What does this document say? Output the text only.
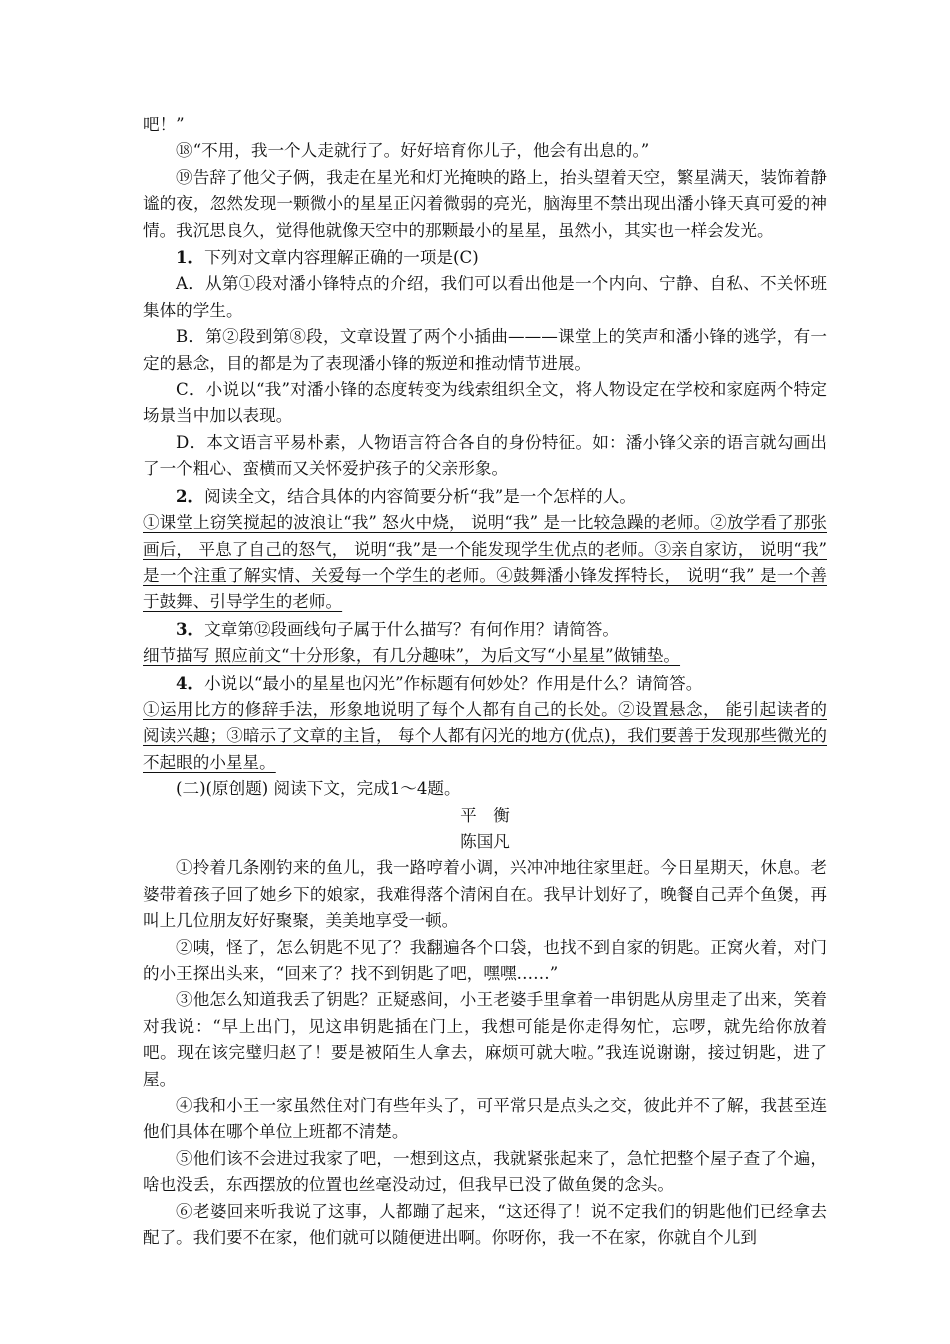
吧！”

⑱“不用，我一个人走就行了。好好培育你儿子，他会有出息的。”

⑲告辞了他父子俩，我走在星光和灯光掩映的路上，抬头望着天空，繁星满天，装饰着静谧的夜，忽然发现一颗微小的星星正闪着微弱的亮光，脑海里不禁出现出潘小锋天真可爱的神情。我沉思良久，觉得他就像天空中的那颗最小的星星，虽然小，其实也一样会发光。

1．下列对文章内容理解正确的一项是(C)

A．从第①段对潘小锋特点的介绍，我们可以看出他是一个内向、宁静、自私、不关怀班集体的学生。

B．第②段到第⑧段，文章设置了两个小插曲———课堂上的笑声和潘小锋的逃学，有一定的悬念，目的都是为了表现潘小锋的叛逆和推动情节进展。

C．小说以“我”对潘小锋的态度转变为线索组织全文，将人物设定在学校和家庭两个特定场景当中加以表现。

D．本文语言平易朴素，人物语言符合各自的身份特征。如：潘小锋父亲的语言就勾画出了一个粗心、蛮横而又关怀爱护孩子的父亲形象。

2．阅读全文，结合具体的内容简要分析“我”是一个怎样的人。

①课堂上窃笑搅起的波浪让“我” 怒火中烧， 说明“我” 是一比较急躁的老师。②放学看了那张画后， 平息了自己的怒气， 说明“我”是一个能发现学生优点的老师。③亲自家访， 说明“我” 是一个注重了解实情、关爱每一个学生的老师。④鼓舞潘小锋发挥特长， 说明“我” 是一个善于鼓舞、引导学生的老师。

3．文章第⑫段画线句子属于什么描写？有何作用？请简答。

细节描写 照应前文“十分形象，有几分趣味”，为后文写“小星星”做铺垫。

4．小说以“最小的星星也闪光”作标题有何妙处？作用是什么？请简答。

①运用比方的修辞手法，形象地说明了每个人都有自己的长处。②设置悬念， 能引起读者的阅读兴趣；③暗示了文章的主旨， 每个人都有闪光的地方(优点)，我们要善于发现那些微光的不起眼的小星星。

(二)(原创题) 阅读下文，完成1～4题。

平　衡

陈国凡

①拎着几条刚钓来的鱼儿，我一路哼着小调，兴冲冲地往家里赶。今日星期天，休息。老婆带着孩子回了她乡下的娘家，我难得落个清闲自在。我早计划好了，晚餐自己弄个鱼煲，再叫上几位朋友好好聚聚，美美地享受一顿。

②咦，怪了，怎么钥匙不见了？我翻遍各个口袋，也找不到自家的钥匙。正窝火着，对门的小王探出头来，“回来了？找不到钥匙了吧，嘿嘿……”

③他怎么知道我丢了钥匙？正疑惑间，小王老婆手里拿着一串钥匙从房里走了出来，笑着对我说：“早上出门，见这串钥匙插在门上，我想可能是你走得匆忙，忘啰，就先给你放着吧。现在该完璧归赵了！要是被陌生人拿去，麻烦可就大啦。”我连说谢谢，接过钥匙，进了屋。

④我和小王一家虽然住对门有些年头了，可平常只是点头之交，彼此并不了解，我甚至连他们具体在哪个单位上班都不清楚。

⑤他们该不会进过我家了吧，一想到这点，我就紧张起来了，急忙把整个屋子查了个遍，啥也没丢，东西摆放的位置也丝毫没动过，但我早已没了做鱼煲的念头。

⑥老婆回来听我说了这事，人都蹦了起来，“这还得了！说不定我们的钥匙他们已经拿去配了。我们要不在家，他们就可以随便进出啊。你呀你，我一不在家，你就自个儿到
